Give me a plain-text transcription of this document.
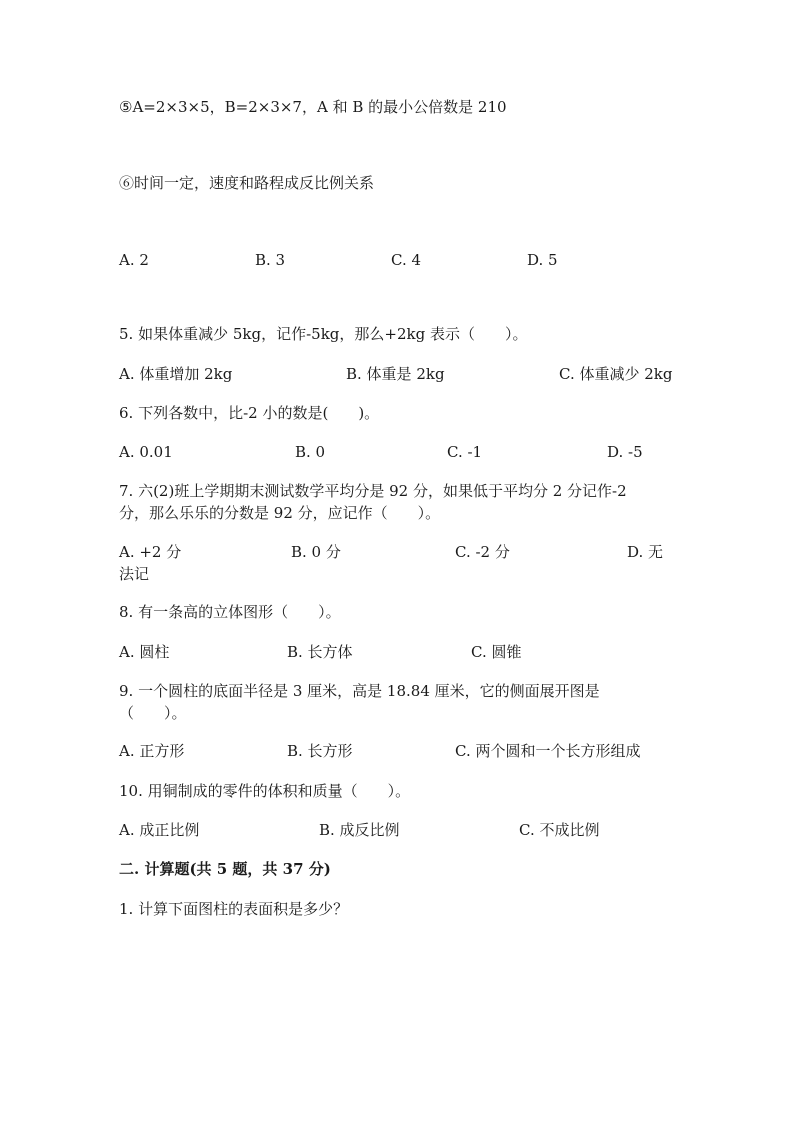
⑤A=2×3×5，B=2×3×7，A 和 B 的最小公倍数是 210
⑥时间一定，速度和路程成反比例关系
A. 2	B. 3	C. 4	D. 5
5. 如果体重减少 5kg，记作-5kg，那么+2kg 表示（　　）。
A. 体重增加 2kg	B. 体重是 2kg	C. 体重减少 2kg
6. 下列各数中，比-2 小的数是(　　)。
A. 0.01	B. 0	C. -1	D. -5
7. 六(2)班上学期期末测试数学平均分是 92 分，如果低于平均分 2 分记作-2
分，那么乐乐的分数是 92 分，应记作（　　）。
A. +2 分	B. 0 分	C. -2 分	D. 无
法记
8. 有一条高的立体图形（　　）。
A. 圆柱	B. 长方体	C. 圆锥
9. 一个圆柱的底面半径是 3 厘米，高是 18.84 厘米，它的侧面展开图是
（　　）。
A. 正方形	B. 长方形	C. 两个圆和一个长方形组成
10. 用铜制成的零件的体积和质量（　　）。
A. 成正比例	B. 成反比例	C. 不成比例
二. 计算题(共 5 题，共 37 分)
1. 计算下面图柱的表面积是多少？
